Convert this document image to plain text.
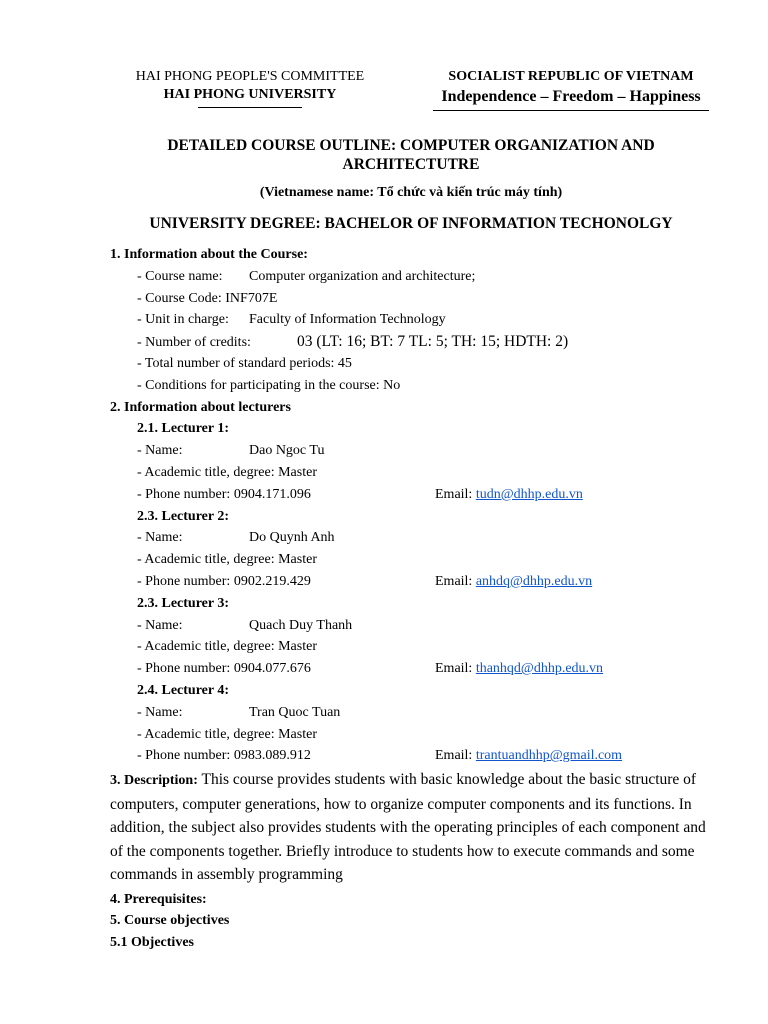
HAI PHONG PEOPLE'S COMMITTEE
HAI PHONG UNIVERSITY
SOCIALIST REPUBLIC OF VIETNAM
Independence – Freedom – Happiness
DETAILED COURSE OUTLINE: COMPUTER ORGANIZATION AND
ARCHITECTUTRE
(Vietnamese name: Tổ chức và kiến trúc máy tính)
UNIVERSITY DEGREE: BACHELOR OF INFORMATION TECHONOLGY
1. Information about the Course:
- Course name: Computer organization and architecture;
- Course Code: INF707E
- Unit in charge: Faculty of Information Technology
- Number of credits:	03 (LT: 16; BT: 7 TL: 5; TH: 15; HDTH: 2)
- Total number of standard periods: 45
- Conditions for participating in the course: No
2. Information about lecturers
2.1. Lecturer 1:
- Name:	Dao Ngoc Tu
- Academic title, degree: Master
- Phone number: 0904.171.096	Email: tudn@dhhp.edu.vn
2.3. Lecturer 2:
- Name:	Do Quynh Anh
- Academic title, degree: Master
- Phone number: 0902.219.429	Email: anhdq@dhhp.edu.vn
2.3. Lecturer 3:
- Name:	Quach Duy Thanh
- Academic title, degree: Master
- Phone number: 0904.077.676	Email: thanhqd@dhhp.edu.vn
2.4. Lecturer 4:
- Name:	Tran Quoc Tuan
- Academic title, degree: Master
- Phone number: 0983.089.912	Email: trantuandhhp@gmail.com
3. Description: This course provides students with basic knowledge about the basic structure of computers, computer generations, how to organize computer components and its functions. In addition, the subject also provides students with the operating principles of each component and of the components together. Briefly introduce to students how to execute commands and some commands in assembly programming
4. Prerequisites:
5. Course objectives
5.1 Objectives
